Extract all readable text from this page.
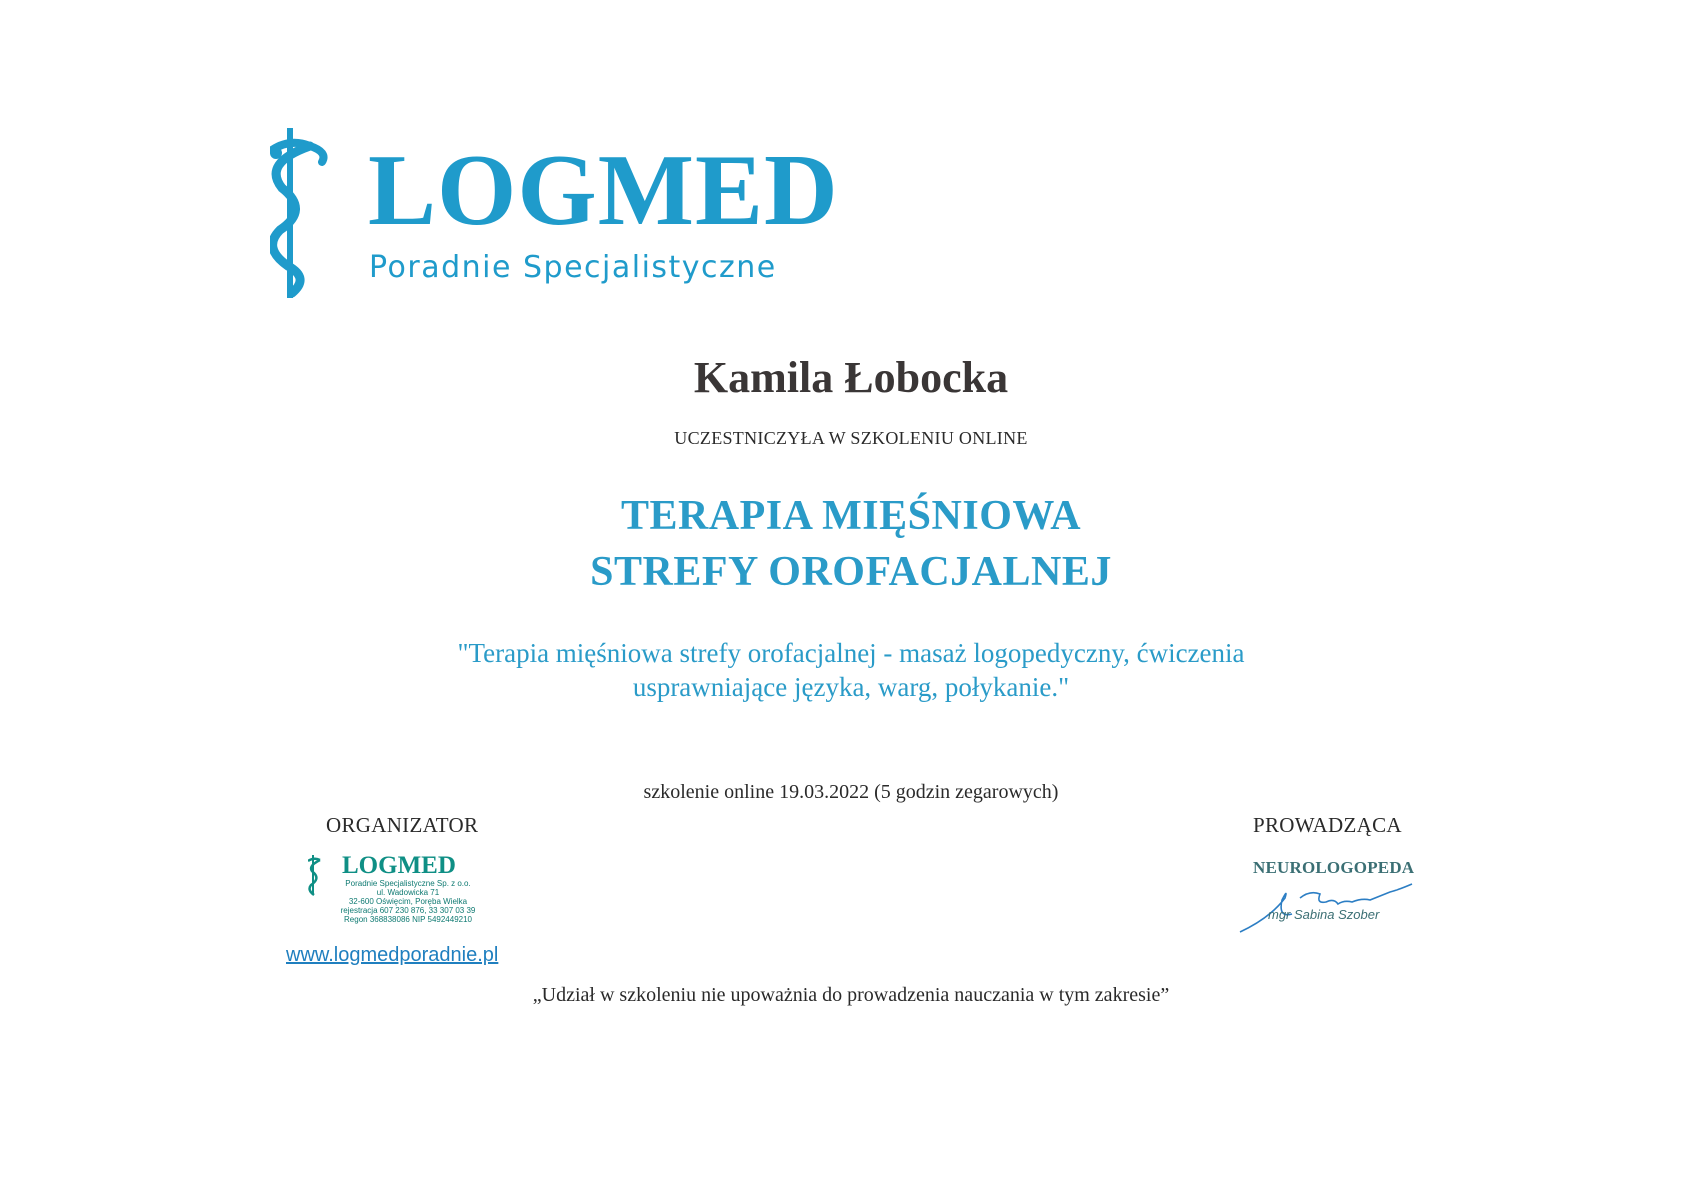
LOGMED
Poradnie Specjalistyczne
Kamila Łobocka
UCZESTNICZYŁA W SZKOLENIU ONLINE
TERAPIA MIĘŚNIOWA
STREFY OROFACJALNEJ
"Terapia mięśniowa strefy orofacjalnej - masaż logopedyczny, ćwiczenia
usprawniające języka, warg, połykanie."
szkolenie online 19.03.2022 (5 godzin zegarowych)
ORGANIZATOR
LOGMED
Poradnie Specjalistyczne Sp. z o.o.
ul. Wadowicka 71
32-600 Oświęcim, Poręba Wielka
rejestracja 607 230 876, 33 307 03 39
Regon 368838086 NIP 5492449210
www.logmedporadnie.pl
PROWADZĄCA
NEUROLOGOPEDA
mgr Sabina Szober
„Udział w szkoleniu nie upoważnia do prowadzenia nauczania w tym zakresie”
